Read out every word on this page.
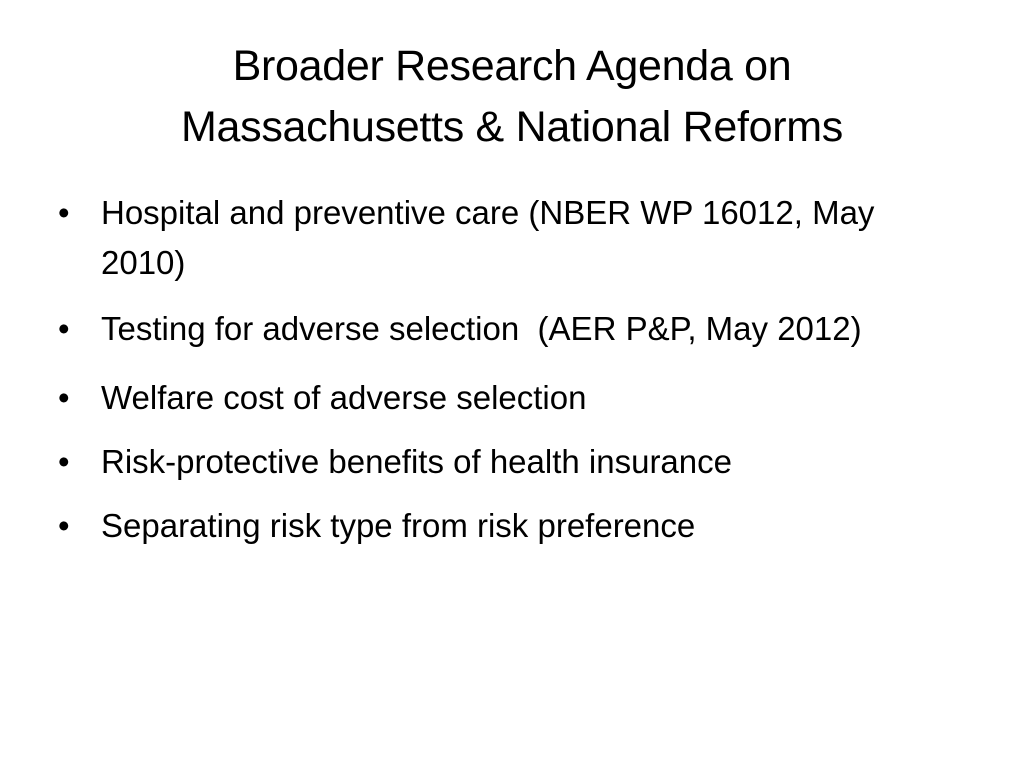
Broader Research Agenda on
Massachusetts & National Reforms
• Hospital and preventive care (NBER WP 16012, May 2010)
• Testing for adverse selection  (AER P&P, May 2012)
• Welfare cost of adverse selection
• Risk-protective benefits of health insurance
• Separating risk type from risk preference
